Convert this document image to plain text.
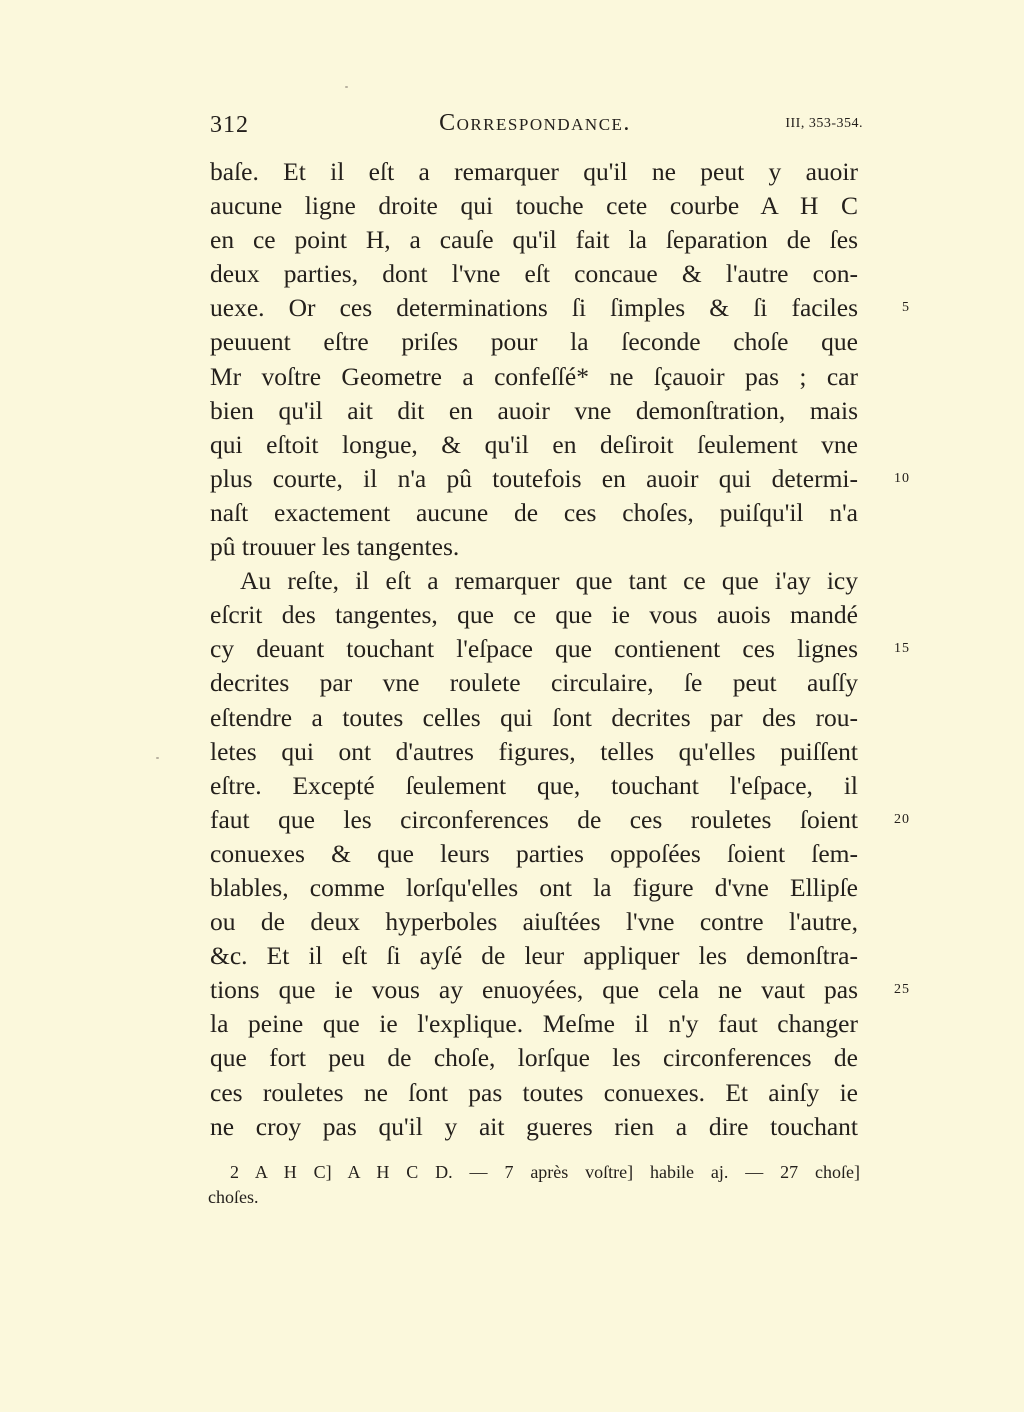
312	Correspondance.	III, 353-354.
baſe. Et il eſt a remarquer qu'il ne peut y auoir
aucune ligne droite qui touche cete courbe A H C
en ce point H, a cauſe qu'il fait la ſeparation de ſes
deux parties, dont l'vne eſt concaue & l'autre con-
uexe. Or ces determinations ſi ſimples & ſi faciles
peuuent eſtre priſes pour la ſeconde choſe que
Mr voſtre Geometre a confeſſé* ne ſçauoir pas ; car
bien qu'il ait dit en auoir vne demonſtration, mais
qui eſtoit longue, & qu'il en deſiroit ſeulement vne
plus courte, il n'a pû toutefois en auoir qui determi-
naſt exactement aucune de ces choſes, puiſqu'il n'a
pû trouuer les tangentes.
Au reſte, il eſt a remarquer que tant ce que i'ay icy
eſcrit des tangentes, que ce que ie vous auois mandé
cy deuant touchant l'eſpace que contienent ces lignes
decrites par vne roulete circulaire, ſe peut auſſy
eſtendre a toutes celles qui ſont decrites par des rou-
letes qui ont d'autres figures, telles qu'elles puiſſent
eſtre. Excepté ſeulement que, touchant l'eſpace, il
faut que les circonferences de ces rouletes ſoient
conuexes & que leurs parties oppoſées ſoient ſem-
blables, comme lorſqu'elles ont la figure d'vne Ellipſe
ou de deux hyperboles aiuſtées l'vne contre l'autre,
&c. Et il eſt ſi ayſé de leur appliquer les demonſtra-
tions que ie vous ay enuoyées, que cela ne vaut pas
la peine que ie l'explique. Meſme il n'y faut changer
que fort peu de choſe, lorſque les circonferences de
ces rouletes ne ſont pas toutes conuexes. Et ainſy ie
ne croy pas qu'il y ait gueres rien a dire touchant
5
10
15
20
25
2 A H C] A H C D. — 7 après voſtre] habile aj. — 27 choſe]
choſes.
